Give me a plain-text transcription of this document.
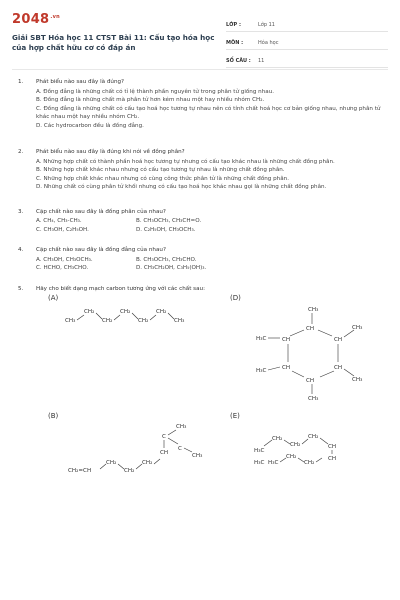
$2048^{.vn}$
Giải SBT Hóa học 11 CTST Bài 11: Cấu tạo hóa học của hợp chất hữu cơ có đáp án
LỚP :	Lớp 11
MÔN :	Hóa học
SỐ CÂU :	11
1.	Phát biểu nào sau đây là đúng?
A. Đồng đẳng là những chất có tỉ lệ thành phần nguyên tử trong phân tử giống nhau.
B. Đồng đẳng là những chất mà phân tử hơn kém nhau một hay nhiều nhóm CH₂.
C. Đồng đẳng là những chất có cấu tạo hoá học tương tự nhau nên có tính chất hoá học cơ bản giống nhau, nhưng phân tử khác nhau một hay nhiều nhóm CH₂.
D. Các hydrocarbon đều là đồng đẳng.
2.	Phát biểu nào sau đây là đúng khi nói về đồng phân?
A. Những hợp chất có thành phần hoá học tương tự nhưng có cấu tạo khác nhau là những chất đồng phân.
B. Những hợp chất khác nhau nhưng có cấu tạo tương tự nhau là những chất đồng phân.
C. Những hợp chất khác nhau nhưng có cùng công thức phân tử là những chất đồng phân.
D. Những chất có cùng phân tử khối nhưng có cấu tạo hoá học khác nhau gọi là những chất đồng phân.
3.	Cặp chất nào sau đây là đồng phân của nhau?
A. CH₄, CH₃-CH₃.	B. CH₃OCH₃, CH₃CH=O.
C. CH₃OH, C₂H₅OH.	D. C₂H₅OH, CH₃OCH₃.
4.	Cặp chất nào sau đây là đồng đẳng của nhau?
A. CH₃OH, CH₃OCH₃.	B. CH₃OCH₃, CH₃CHO.
C. HCHO, CH₃CHO.	D. CH₃CH₂OH, C₃H₅(OH)₃.
5.	Hãy cho biết dạng mạch carbon tương ứng với các chất sau:
(A)	(D)
(B)	(E)
CH₃
CH₂
CH₂
CH₂
CH₂
CH₂
CH₃
CH₃
CH
CH	CH
H₃C
CH₃
CH	CH
H₃C
CH₃
CH
CH₃
CH₂=CH
CH₂
CH₂
CH₂
CH
C
CH₃
C
CH₃
H₃C
CH₂
CH₂
CH₂
CH
H₃C H₃C
CH₂
CH₂
CH
